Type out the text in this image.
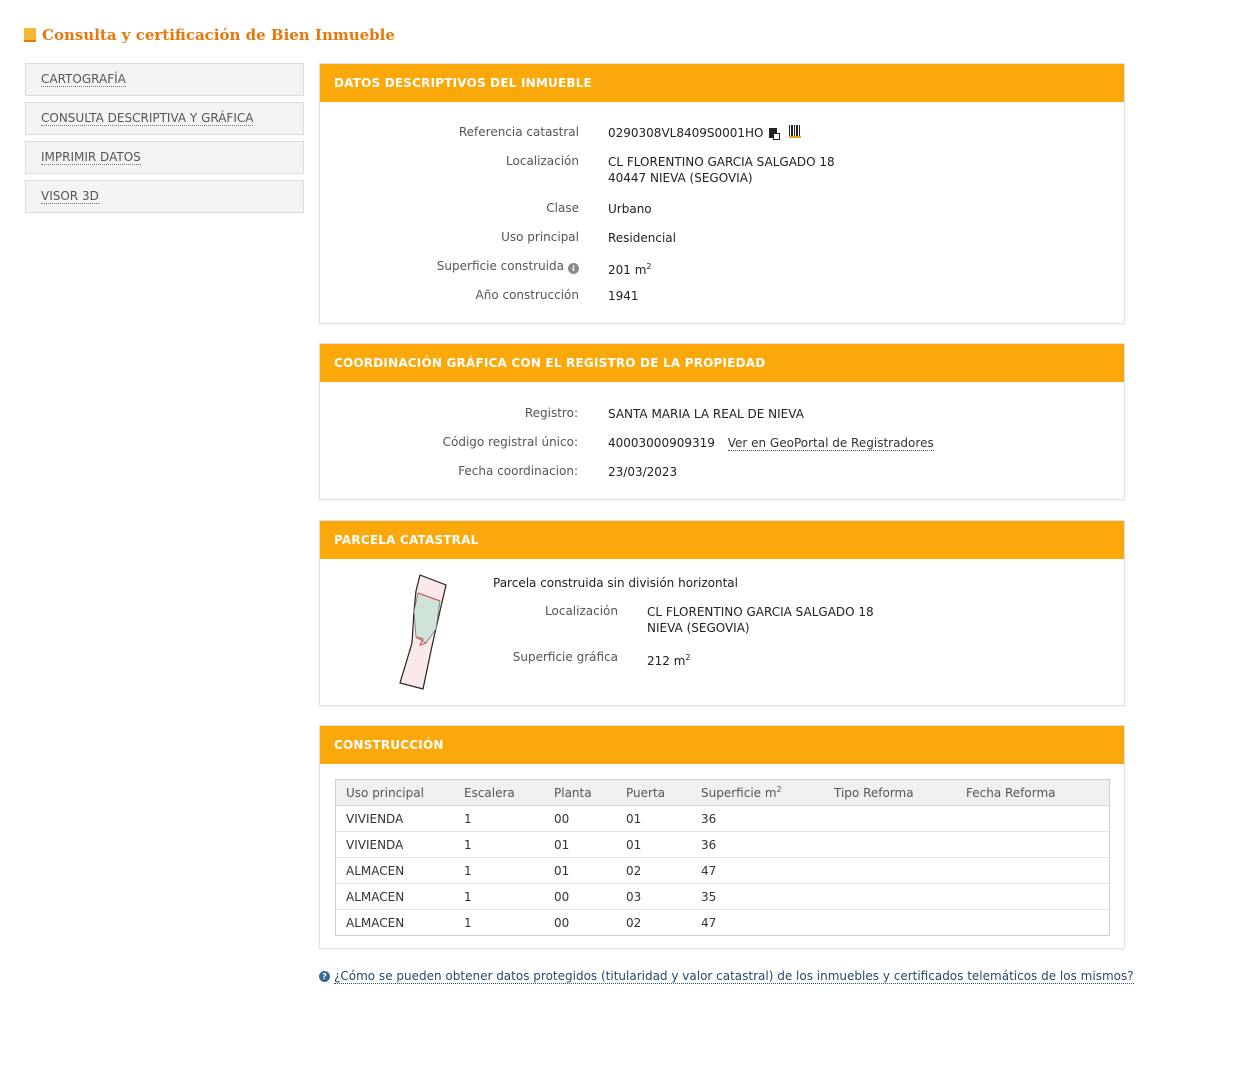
Consulta y certificación de Bien Inmueble
CARTOGRAFÍA
CONSULTA DESCRIPTIVA Y GRÁFICA
IMPRIMIR DATOS
VISOR 3D
DATOS DESCRIPTIVOS DEL INMUEBLE
Referencia catastral 0290308VL8409S0001HO
Localización CL FLORENTINO GARCIA SALGADO 18
40447 NIEVA (SEGOVIA)
Clase Urbano
Uso principal Residencial
Superficie construida i	201 $m^2$
Año construcción 1941
COORDINACIÓN GRÁFICA CON EL REGISTRO DE LA PROPIEDAD
Registro:	SANTA MARIA LA REAL DE NIEVA
Código registral único:	40003000909319 Ver en GeoPortal de Registradores
Fecha coordinacion:	23/03/2023
PARCELA CATASTRAL
Parcela construida sin división horizontal
Localización CL FLORENTINO GARCIA SALGADO 18
NIEVA (SEGOVIA)
Superficie gráfica 212 $m^2$
CONSTRUCCIÓN
Uso principal	Escalera	Planta	Puerta	Superficie $m^2$	Tipo Reforma	Fecha Reforma
VIVIENDA	1	00	01	36
VIVIENDA	1	01	01	36
ALMACEN	1	01	02	47
ALMACEN	1	00	03	35
ALMACEN	1	00	02	47
? ¿Cómo se pueden obtener datos protegidos (titularidad y valor catastral) de los inmuebles y certificados telemáticos de los mismos?
